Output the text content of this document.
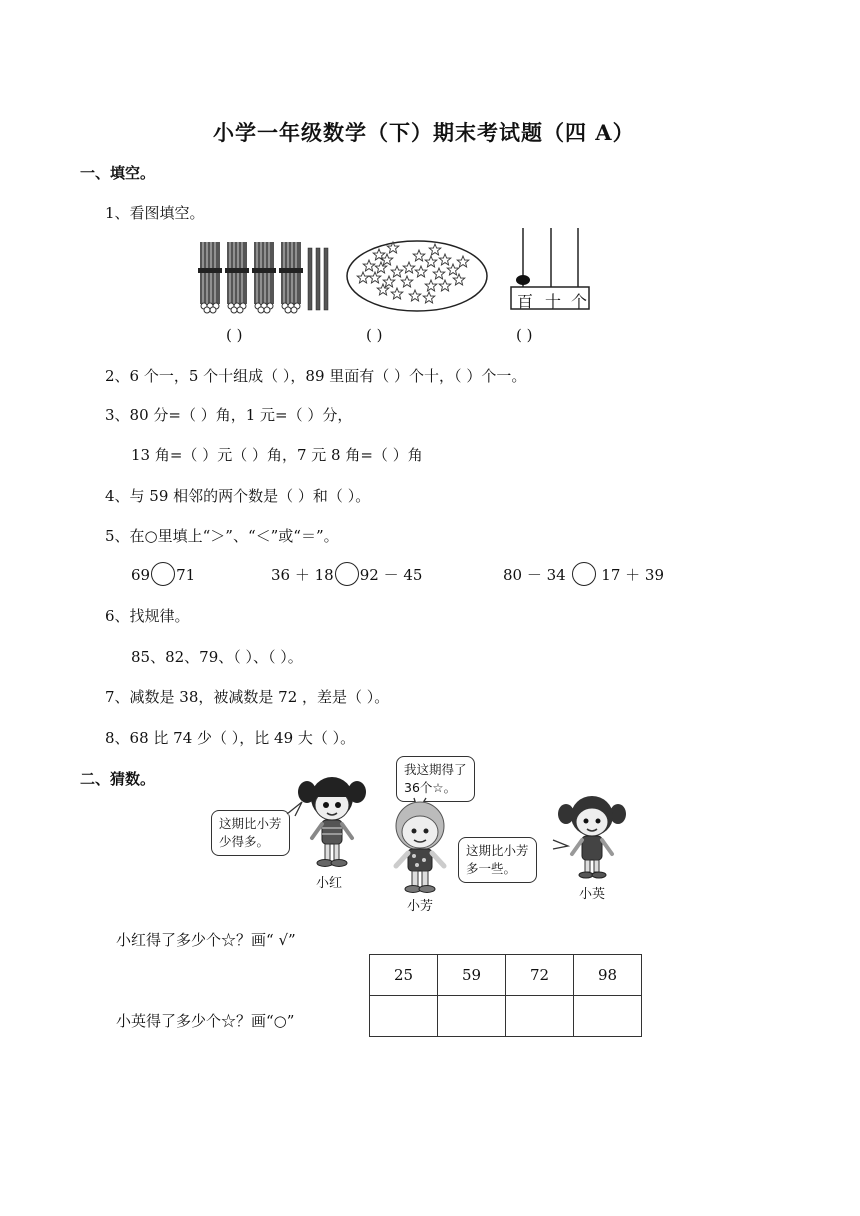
小学一年级数学（下）期末考试题（四 A）
一、填空。
1、看图填空。
百 十 个
( )	( )	( )
2、6 个一，5 个十组成（ ），89 里面有（ ）个十，（ ）个一。
3、80 分=（ ）角，1 元=（ ）分，
13 角=（ ）元（ ）角，7 元 8 角=（ ）角
4、与 59 相邻的两个数是（ ）和（ ）。
5、在○里填上“＞”、“＜”或“＝”。
69 71	36 ＋ 18 92 － 45	80 － 34 17 ＋ 39
6、找规律。
85、82、79、（ ）、（ ）。
7、减数是 38，被减数是 72 ，差是（ ）。
8、68 比 74 少（ ），比 49 大（ ）。
二、猜数。
这期比小芳
少得多。
我这期得了
36个☆。
这期比小芳
多一些。
小红
小芳
小英
小红得了多少个☆？画“ √”
小英得了多少个☆？画“○”
25	59	72	98
